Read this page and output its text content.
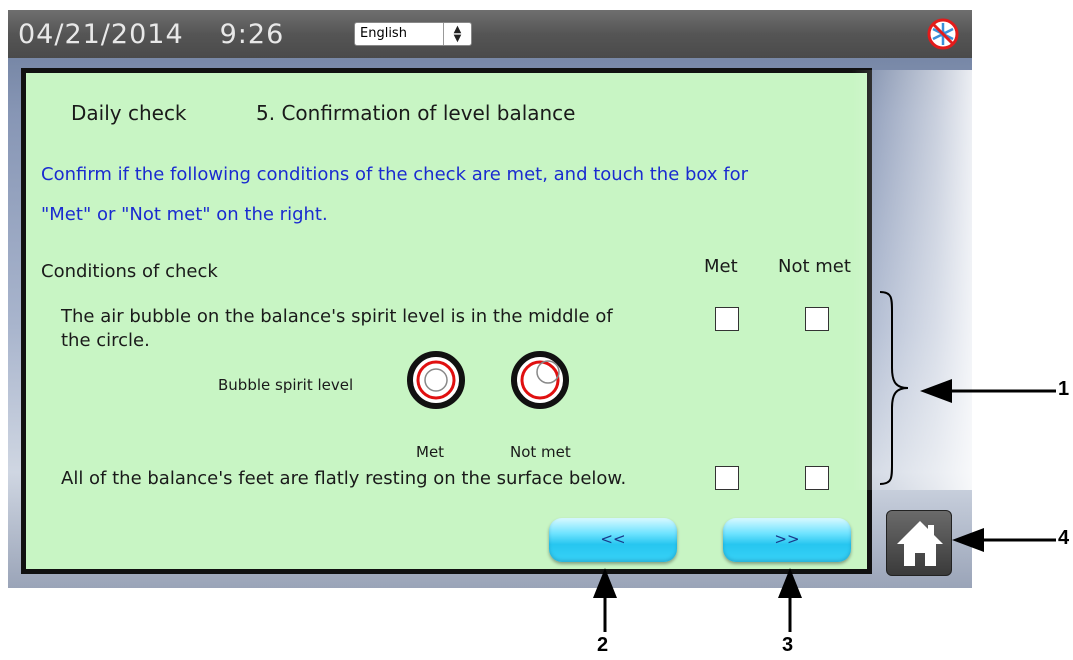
04/21/2014 9:26	English	▲
▼
Daily check	5. Confirmation of level balance
Confirm if the following conditions of the check are met, and touch the box for
"Met" or "Not met" on the right.
Conditions of check	Met Not met
The air bubble on the balance's spirit level is in the middle of
the circle.
Bubble spirit level
Met	Not met
All of the balance's feet are flatly resting on the surface below.
<<	>>
1
2	3
4
